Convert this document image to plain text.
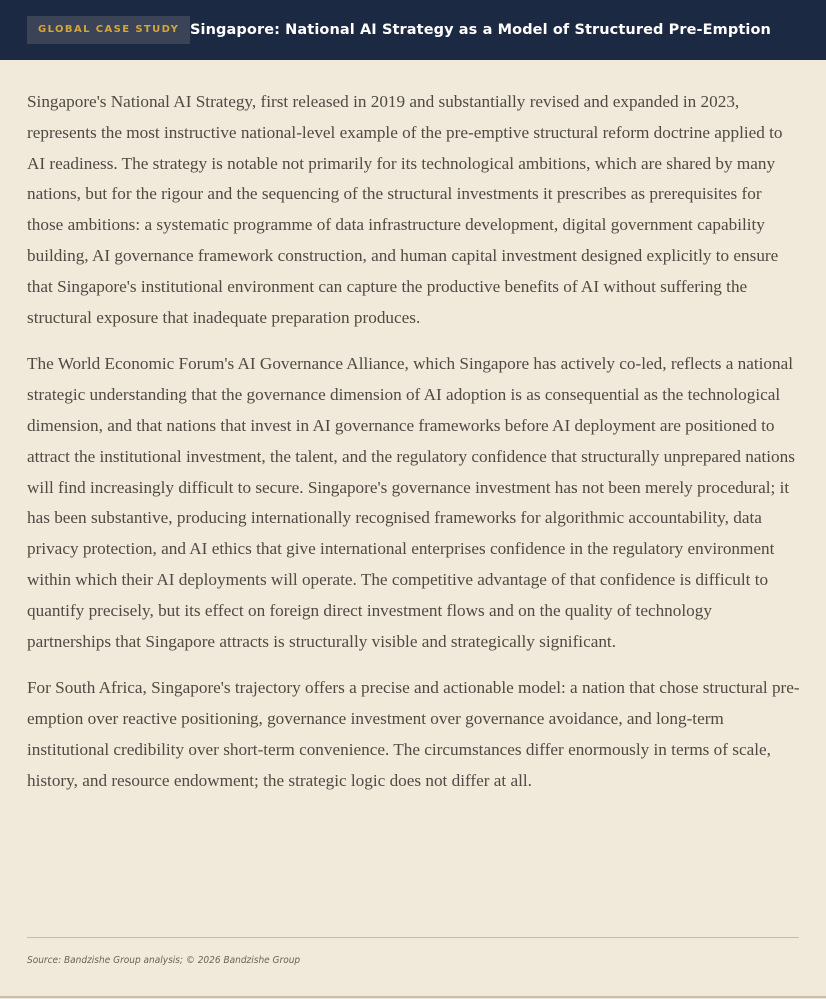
GLOBAL CASE STUDY Singapore: National AI Strategy as a Model of Structured Pre-Emption

Singapore's National AI Strategy, first released in 2019 and substantially revised and expanded in 2023, represents the most instructive national-level example of the pre-emptive structural reform doctrine applied to AI readiness. The strategy is notable not primarily for its technological ambitions, which are shared by many nations, but for the rigour and the sequencing of the structural investments it prescribes as prerequisites for those ambitions: a systematic programme of data infrastructure development, digital government capability building, AI governance framework construction, and human capital investment designed explicitly to ensure that Singapore's institutional environment can capture the productive benefits of AI without suffering the structural exposure that inadequate preparation produces.

The World Economic Forum's AI Governance Alliance, which Singapore has actively co-led, reflects a national strategic understanding that the governance dimension of AI adoption is as consequential as the technological dimension, and that nations that invest in AI governance frameworks before AI deployment are positioned to attract the institutional investment, the talent, and the regulatory confidence that structurally unprepared nations will find increasingly difficult to secure. Singapore's governance investment has not been merely procedural; it has been substantive, producing internationally recognised frameworks for algorithmic accountability, data privacy protection, and AI ethics that give international enterprises confidence in the regulatory environment within which their AI deployments will operate. The competitive advantage of that confidence is difficult to quantify precisely, but its effect on foreign direct investment flows and on the quality of technology partnerships that Singapore attracts is structurally visible and strategically significant.

For South Africa, Singapore's trajectory offers a precise and actionable model: a nation that chose structural pre-emption over reactive positioning, governance investment over governance avoidance, and long-term institutional credibility over short-term convenience. The circumstances differ enormously in terms of scale, history, and resource endowment; the strategic logic does not differ at all.

Source: Bandzishe Group analysis; © 2026 Bandzishe Group
